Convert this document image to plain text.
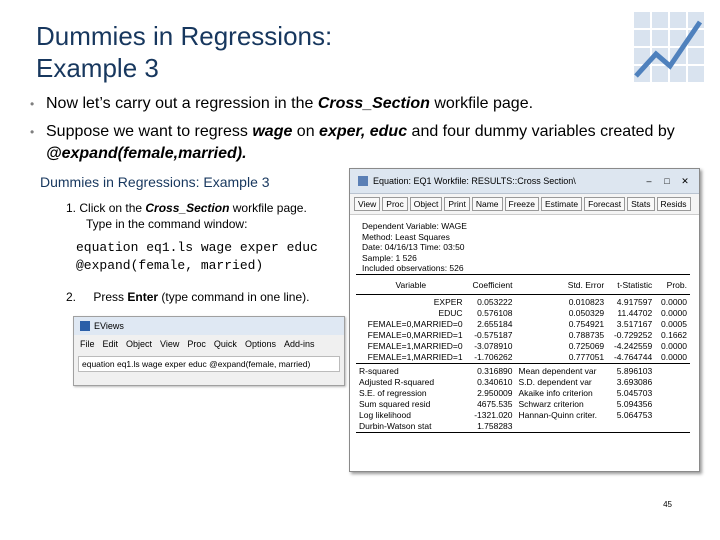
Dummies in Regressions:
Example 3
• Now let’s carry out a regression in the Cross_Section workfile page.
• Suppose we want to regress wage on exper, educ and four dummy variables created by @expand(female,married).
Dummies in Regressions: Example 3
1. Click on the Cross_Section workfile page.
Type in the command window:
equation eq1.ls wage exper educ
@expand(female, married)
2. Press Enter (type command in one line).
EViews
File Edit Object View Proc Quick Options Add-ins
equation eq1.ls wage exper educ @expand(female, married)
Equation: EQ1 Workfile: RESULTS::Cross Section\	–	□	✕
View	Proc	Object	Print	Name	Freeze	Estimate	Forecast	Stats	Resids
Dependent Variable: WAGE
Method: Least Squares
Date: 04/16/13 Time: 03:50
Sample: 1 526
Included observations: 526

Variable	Coefficient	Std. Error	t-Statistic	Prob.

EXPER	0.053222	0.010823	4.917597	0.0000
EDUC	0.576108	0.050329	11.44702	0.0000
FEMALE=0,MARRIED=0	2.655184	0.754921	3.517167	0.0005
FEMALE=0,MARRIED=1	-0.575187	0.788735	-0.729252	0.1662
FEMALE=1,MARRIED=0	-3.078910	0.725069	-4.242559	0.0000
FEMALE=1,MARRIED=1	-1.706262	0.777051	-4.764744	0.0000

R-squared	0.316890	Mean dependent var	5.896103	
Adjusted R-squared	0.340610	S.D. dependent var	3.693086	
S.E. of regression	2.950009	Akaike info criterion	5.045703	
Sum squared resid	4675.535	Schwarz criterion	5.094356	
Log likelihood	-1321.020	Hannan-Quinn criter.	5.064753	
Durbin-Watson stat	1.758283			

45
